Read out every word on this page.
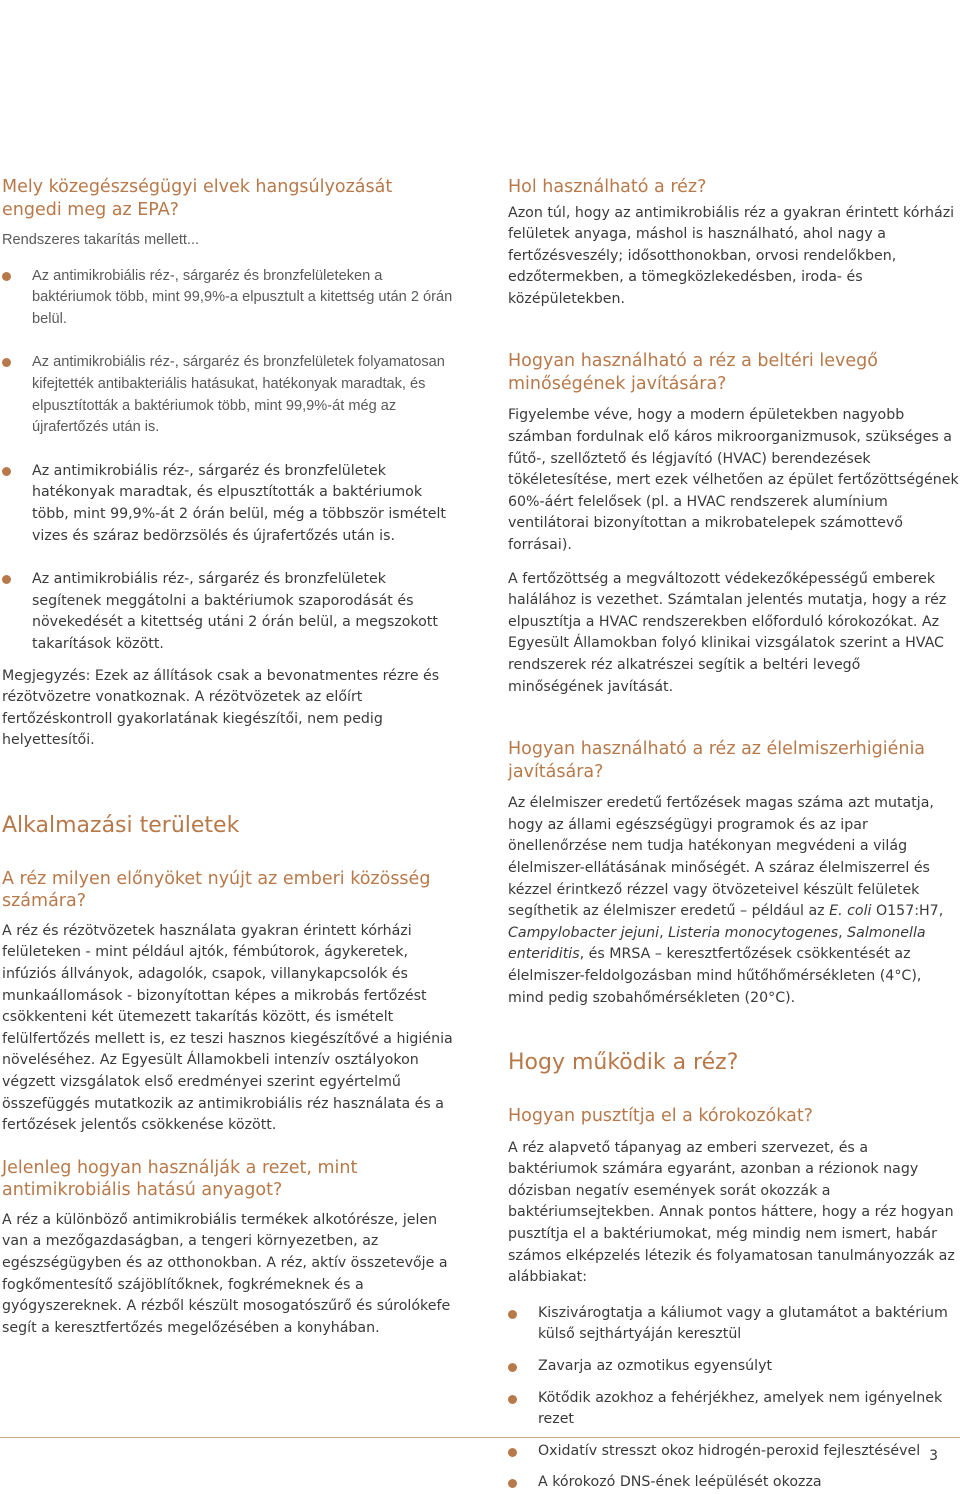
Mely közegészségügyi elvek hangsúlyozását engedi meg az EPA?

Rendszeres takarítás mellett...

Az antimikrobiális réz-, sárgaréz és bronzfelületeken a baktériumok több, mint 99,9%-a elpusztult a kitettség után 2 órán belül.
Az antimikrobiális réz-, sárgaréz és bronzfelületek folyamatosan kifejtették antibakteriális hatásukat, hatékonyak maradtak, és elpusztították a baktériumok több, mint 99,9%-át még az újrafertőzés után is.
Az antimikrobiális réz-, sárgaréz és bronzfelületek hatékonyak maradtak, és elpusztították a baktériumok több, mint 99,9%-át 2 órán belül, még a többször ismételt vizes és száraz bedörzsölés és újrafertőzés után is.
Az antimikrobiális réz-, sárgaréz és bronzfelületek segítenek meggátolni a baktériumok szaporodását és növekedését a kitettség utáni 2 órán belül, a megszokott takarítások között.

Megjegyzés: Ezek az állítások csak a bevonatmentes rézre és rézötvözetre vonatkoznak. A rézötvözetek az előírt fertőzéskontroll gyakorlatának kiegészítői, nem pedig helyettesítői.

Alkalmazási területek
A réz milyen előnyöket nyújt az emberi közösség számára?

A réz és rézötvözetek használata gyakran érintett kórházi felületeken - mint például ajtók, fémbútorok, ágykeretek, infúziós állványok, adagolók, csapok, villanykapcsolók és munkaállomások - bizonyítottan képes a mikrobás fertőzést csökkenteni két ütemezett takarítás között, és ismételt felülfertőzés mellett is, ez teszi hasznos kiegészítővé a higiénia növeléséhez. Az Egyesült Államokbeli intenzív osztályokon végzett vizsgálatok első eredményei szerint egyértelmű összefüggés mutatkozik az antimikrobiális réz használata és a fertőzések jelentős csökkenése között.

Jelenleg hogyan használják a rezet, mint antimikrobiális hatású anyagot?

A réz a különböző antimikrobiális termékek alkotórésze, jelen van a mezőgazdaságban, a tengeri környezetben, az egészségügyben és az otthonokban. A réz, aktív összetevője a fogkőmentesítő szájöblítőknek, fogkrémeknek és a gyógyszereknek. A rézből készült mosogatószűrő és súrolókefe segít a keresztfertőzés megelőzésében a konyhában.

Hol használható a réz?

Azon túl, hogy az antimikrobiális réz a gyakran érintett kórházi felületek anyaga, máshol is használható, ahol nagy a fertőzésveszély; idősotthonokban, orvosi rendelőkben, edzőtermekben, a tömegközlekedésben, iroda- és középületekben.

Hogyan használható a réz a beltéri levegő minőségének javítására?

Figyelembe véve, hogy a modern épületekben nagyobb számban fordulnak elő káros mikroorganizmusok, szükséges a fűtő-, szellőztető és légjavító (HVAC) berendezések tökéletesítése, mert ezek vélhetően az épület fertőzöttségének 60%-áért felelősek (pl. a HVAC rendszerek alumínium ventilátorai bizonyítottan a mikrobatelepek számottevő forrásai).

A fertőzöttség a megváltozott védekezőképességű emberek halálához is vezethet. Számtalan jelentés mutatja, hogy a réz elpusztítja a HVAC rendszerekben előforduló kórokozókat. Az Egyesült Államokban folyó klinikai vizsgálatok szerint a HVAC rendszerek réz alkatrészei segítik a beltéri levegő minőségének javítását.

Hogyan használható a réz az élelmiszerhigiénia javítására?

Az élelmiszer eredetű fertőzések magas száma azt mutatja, hogy az állami egészségügyi programok és az ipar önellenőrzése nem tudja hatékonyan megvédeni a világ élelmiszer-ellátásának minőségét. A száraz élelmiszerrel és kézzel érintkező rézzel vagy ötvözeteivel készült felületek segíthetik az élelmiszer eredetű – például az E. coli O157:H7, Campylobacter jejuni, Listeria monocytogenes, Salmonella enteriditis, és MRSA – keresztfertőzések csökkentését az élelmiszer-feldolgozásban mind hűtőhőmérsékleten (4°C), mind pedig szobahőmérsékleten (20°C).

Hogy működik a réz?
Hogyan pusztítja el a kórokozókat?

A réz alapvető tápanyag az emberi szervezet, és a baktériumok számára egyaránt, azonban a rézionok nagy dózisban negatív események sorát okozzák a baktériumsejtekben. Annak pontos háttere, hogy a réz hogyan pusztítja el a baktériumokat, még mindig nem ismert, habár számos elképzelés létezik és folyamatosan tanulmányozzák az alábbiakat:

Kiszivárogtatja a káliumot vagy a glutamátot a baktérium külső sejthártyáján keresztül
Zavarja az ozmotikus egyensúlyt
Kötődik azokhoz a fehérjékhez, amelyek nem igényelnek rezet
Oxidatív stresszt okoz hidrogén-peroxid fejlesztésével
A kórokozó DNS-ének leépülését okozza
3
